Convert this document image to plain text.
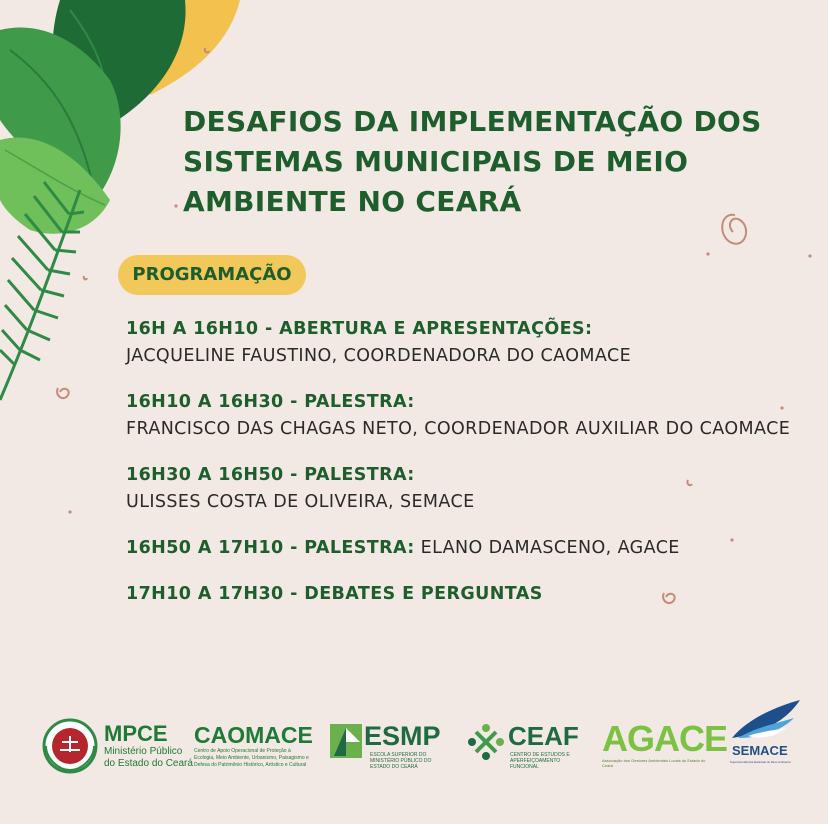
DESAFIOS DA IMPLEMENTAÇÃO DOS
SISTEMAS MUNICIPAIS DE MEIO
AMBIENTE NO CEARÁ
PROGRAMAÇÃO
16H A 16H10 - ABERTURA E APRESENTAÇÕES:
JACQUELINE FAUSTINO, COORDENADORA DO CAOMACE
16H10 A 16H30 - PALESTRA:
FRANCISCO DAS CHAGAS NETO, COORDENADOR AUXILIAR DO CAOMACE
16H30 A 16H50 - PALESTRA:
ULISSES COSTA DE OLIVEIRA, SEMACE
16H50 A 17H10 - PALESTRA: ELANO DAMASCENO, AGACE
17H10 A 17H30 - DEBATES E PERGUNTAS
MPCE
Ministério Público
do Estado do Ceará
CAOMACE
Centro de Apoio Operacional de Proteção à Ecologia, Meio Ambiente, Urbanismo, Paisagismo e Defesa do Patrimônio Histórico, Artístico e Cultural
ESMP
ESCOLA SUPERIOR DO MINISTÉRIO PÚBLICO DO ESTADO DO CEARÁ
CEAF
CENTRO DE ESTUDOS E APERFEIÇOAMENTO FUNCIONAL
AGACE
Associação dos Gestores Ambientais Locais do Estado do Ceará
SEMACE
Superintendência Estadual do Meio Ambiente
